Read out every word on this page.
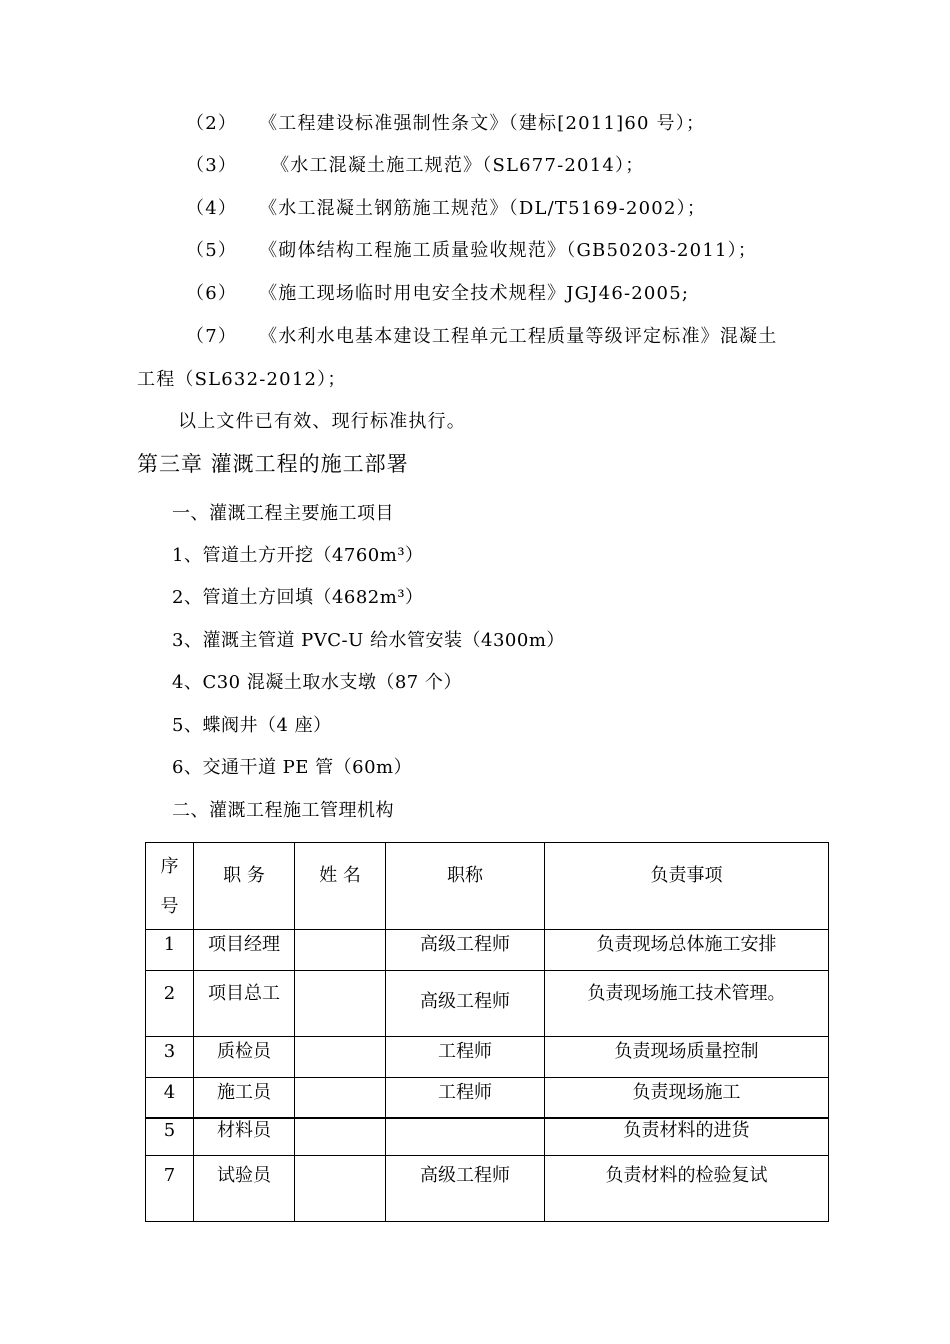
（2） 《工程建设标准强制性条文》（建标[2011]60 号）；
（3） 《水工混凝土施工规范》（SL677-2014）；
（4） 《水工混凝土钢筋施工规范》（DL/T5169-2002）；
（5） 《砌体结构工程施工质量验收规范》（GB50203-2011）；
（6） 《施工现场临时用电安全技术规程》JGJ46-2005;
（7） 《水利水电基本建设工程单元工程质量等级评定标准》混凝土
工程（SL632-2012）；
以上文件已有效、现行标准执行。
第三章 灌溉工程的施工部署
一、灌溉工程主要施工项目
1、管道土方开挖（4760m³）
2、管道土方回填（4682m³）
3、灌溉主管道 PVC-U 给水管安装（4300m）
4、C30 混凝土取水支墩（87 个）
5、蝶阀井（4 座）
6、交通干道 PE 管（60m）
二、灌溉工程施工管理机构
序
号	职 务	姓 名	职称	负责事项

1	项目经理		高级工程师	负责现场总体施工安排

2	项目总工		高级工程师	负责现场施工技术管理。

3	质检员		工程师	负责现场质量控制

4	施工员		工程师	负责现场施工

5	材料员			负责材料的进货

7	试验员		高级工程师	负责材料的检验复试
